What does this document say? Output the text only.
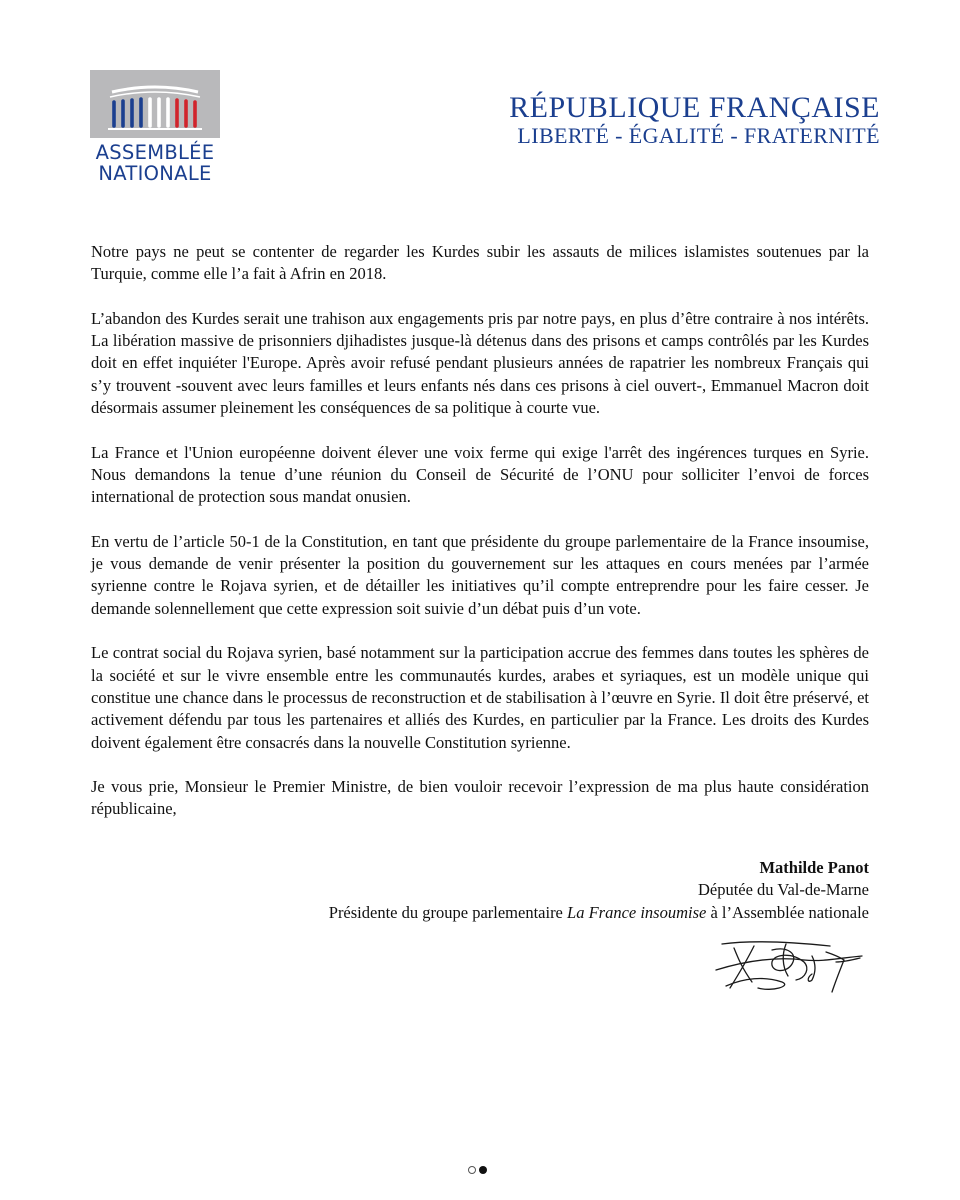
ASSEMBLÉE
NATIONALE
RÉPUBLIQUE FRANÇAISE
LIBERTÉ - ÉGALITÉ - FRATERNITÉ

Notre pays ne peut se contenter de regarder les Kurdes subir les assauts de milices islamistes soutenues par la Turquie, comme elle l’a fait à Afrin en 2018.

L’abandon des Kurdes serait une trahison aux engagements pris par notre pays, en plus d’être contraire à nos intérêts. La libération massive de prisonniers djihadistes jusque-là détenus dans des prisons et camps contrôlés par les Kurdes doit en effet inquiéter l'Europe. Après avoir refusé pendant plusieurs années de rapatrier les nombreux Français qui s’y trouvent -souvent avec leurs familles et leurs enfants nés dans ces prisons à ciel ouvert-, Emmanuel Macron doit désormais assumer pleinement les conséquences de sa politique à courte vue.

La France et l'Union européenne doivent élever une voix ferme qui exige l'arrêt des ingérences turques en Syrie. Nous demandons la tenue d’une réunion du Conseil de Sécurité de l’ONU pour solliciter l’envoi de forces international de protection sous mandat onusien.

En vertu de l’article 50-1 de la Constitution, en tant que présidente du groupe parlementaire de la France insoumise, je vous demande de venir présenter la position du gouvernement sur les attaques en cours menées par l’armée syrienne contre le Rojava syrien, et de détailler les initiatives qu’il compte entreprendre pour les faire cesser. Je demande solennellement que cette expression soit suivie d’un débat puis d’un vote.

Le contrat social du Rojava syrien, basé notamment sur la participation accrue des femmes dans toutes les sphères de la société et sur le vivre ensemble entre les communautés kurdes, arabes et syriaques, est un modèle unique qui constitue une chance dans le processus de reconstruction et de stabilisation à l’œuvre en Syrie. Il doit être préservé, et activement défendu par tous les partenaires et alliés des Kurdes, en particulier par la France. Les droits des Kurdes doivent également être consacrés dans la nouvelle Constitution syrienne.

Je vous prie, Monsieur le Premier Ministre, de bien vouloir recevoir l’expression de ma plus haute considération républicaine,

Mathilde Panot
Députée du Val-de-Marne
Présidente du groupe parlementaire La France insoumise à l’Assemblée nationale
